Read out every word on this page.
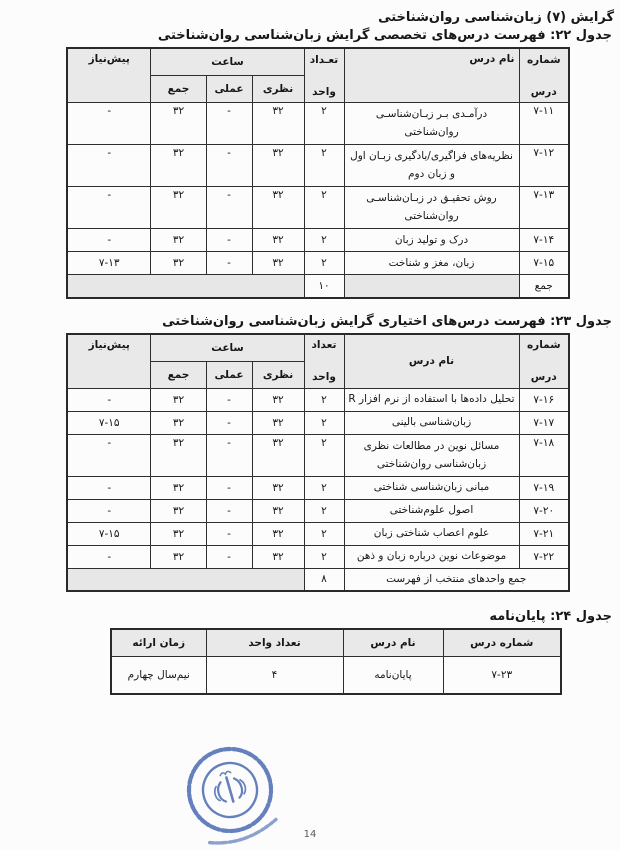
گرایش (۷) زبان‌شناسی روان‌شناختی
جدول ۲۲: فهرست درس‌های تخصصی گرایش زبان‌شناسی روان‌شناختی
شماره
درس	نام درس	تعـداد
واحد	ساعت			پیش‌نیاز
			نظری	عملی	جمع	
۷-۱۱	درآمـدی بـر زبـان‌شناسـی روان‌شناختی	۲	۳۲	-	۳۲	-
۷-۱۲	نظریه‌های فراگیری/یادگیری زبـان اول و زبان دوم	۲	۳۲	-	۳۲	-
۷-۱۳	روش تحقیـق در زبـان‌شناسـی روان‌شناختی	۲	۳۲	-	۳۲	-
۷-۱۴	درک و تولید زبان	۲	۳۲	-	۳۲	-
۷-۱۵	زبان، مغز و شناخت	۲	۳۲	-	۳۲	۷-۱۳
جمع		۱۰				
جدول ۲۳: فهرست درس‌های اختیاری گرایش زبان‌شناسی روان‌شناختی
شماره
درس	نام درس	تعداد
واحد	ساعت			پیش‌نیاز
			نظری	عملی	جمع	
۷-۱۶	تحلیل داده‌ها با استفاده از نرم افزار R	۲	۳۲	-	۳۲	-
۷-۱۷	زبان‌شناسی بالینی	۲	۳۲	-	۳۲	۷-۱۵
۷-۱۸	مسائل نوین در مطالعات نظری زبان‌شناسی روان‌شناختی	۲	۳۲	-	۳۲	-
۷-۱۹	مبانی زبان‌شناسی شناختی	۲	۳۲	-	۳۲	-
۷-۲۰	اصول علوم‌شناختی	۲	۳۲	-	۳۲	-
۷-۲۱	علوم اعصاب شناختی زبان	۲	۳۲	-	۳۲	۷-۱۵
۷-۲۲	موضوعات نوین درباره زبان و ذهن	۲	۳۲	-	۳۲	-
جمع واحدهای منتخب از فهرست		۸				
جدول ۲۴: پایان‌نامه
شماره درس	نام درس	تعداد واحد	زمان ارائه
۷-۲۳	پایان‌نامه	۴	نیم‌سال چهارم
14
